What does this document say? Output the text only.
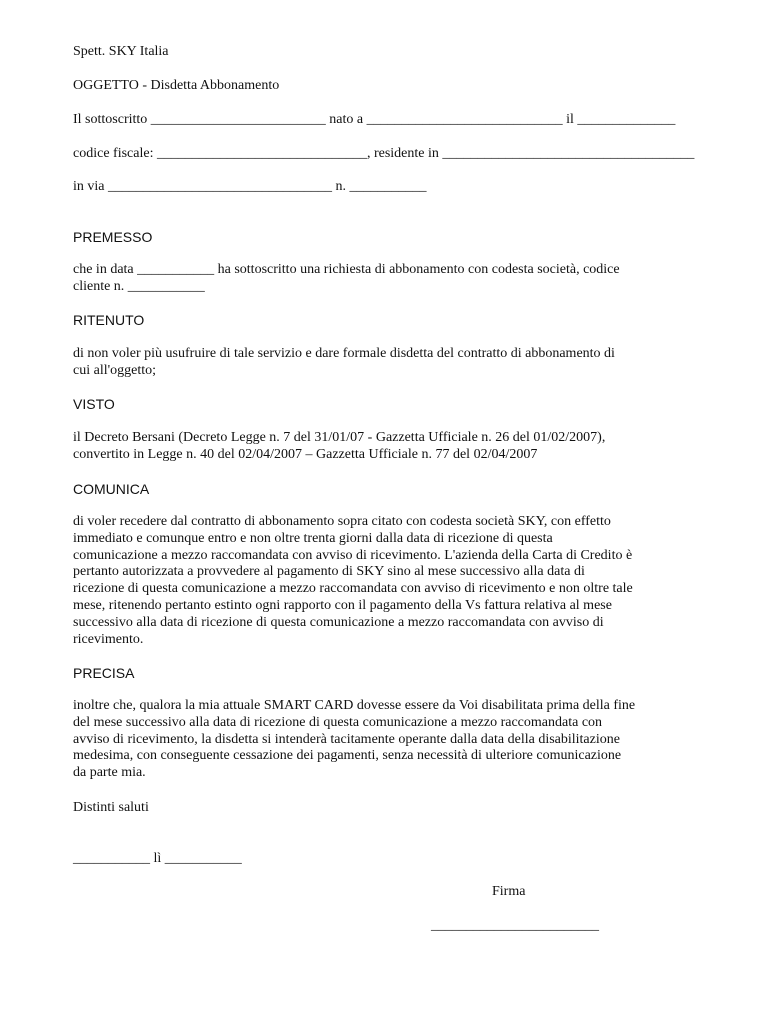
Spett. SKY Italia

OGGETTO - Disdetta Abbonamento

Il sottoscritto _________________________ nato a ____________________________ il ______________

codice fiscale: ______________________________, residente in ____________________________________

in via ________________________________ n. ___________

PREMESSO

che in data ___________ ha sottoscritto una richiesta di abbonamento con codesta società, codice
cliente n. ___________

RITENUTO

di non voler più usufruire di tale servizio e dare formale disdetta del contratto di abbonamento di
cui all'oggetto;

VISTO

il Decreto Bersani (Decreto Legge n. 7 del 31/01/07 - Gazzetta Ufficiale n. 26 del 01/02/2007),
convertito in Legge n. 40 del 02/04/2007 – Gazzetta Ufficiale n. 77 del 02/04/2007

COMUNICA

di voler recedere dal contratto di abbonamento sopra citato con codesta società SKY, con effetto
immediato e comunque entro e non oltre trenta giorni dalla data di ricezione di questa
comunicazione a mezzo raccomandata con avviso di ricevimento. L'azienda della Carta di Credito è
pertanto autorizzata a provvedere al pagamento di SKY sino al mese successivo alla data di
ricezione di questa comunicazione a mezzo raccomandata con avviso di ricevimento e non oltre tale
mese, ritenendo pertanto estinto ogni rapporto con il pagamento della Vs fattura relativa al mese
successivo alla data di ricezione di questa comunicazione a mezzo raccomandata con avviso di
ricevimento.

PRECISA

inoltre che, qualora la mia attuale SMART CARD dovesse essere da Voi disabilitata prima della fine
del mese successivo alla data di ricezione di questa comunicazione a mezzo raccomandata con
avviso di ricevimento, la disdetta si intenderà tacitamente operante dalla data della disabilitazione
medesima, con conseguente cessazione dei pagamenti, senza necessità di ulteriore comunicazione
da parte mia.

Distinti saluti

___________ lì ___________

Firma

________________________
